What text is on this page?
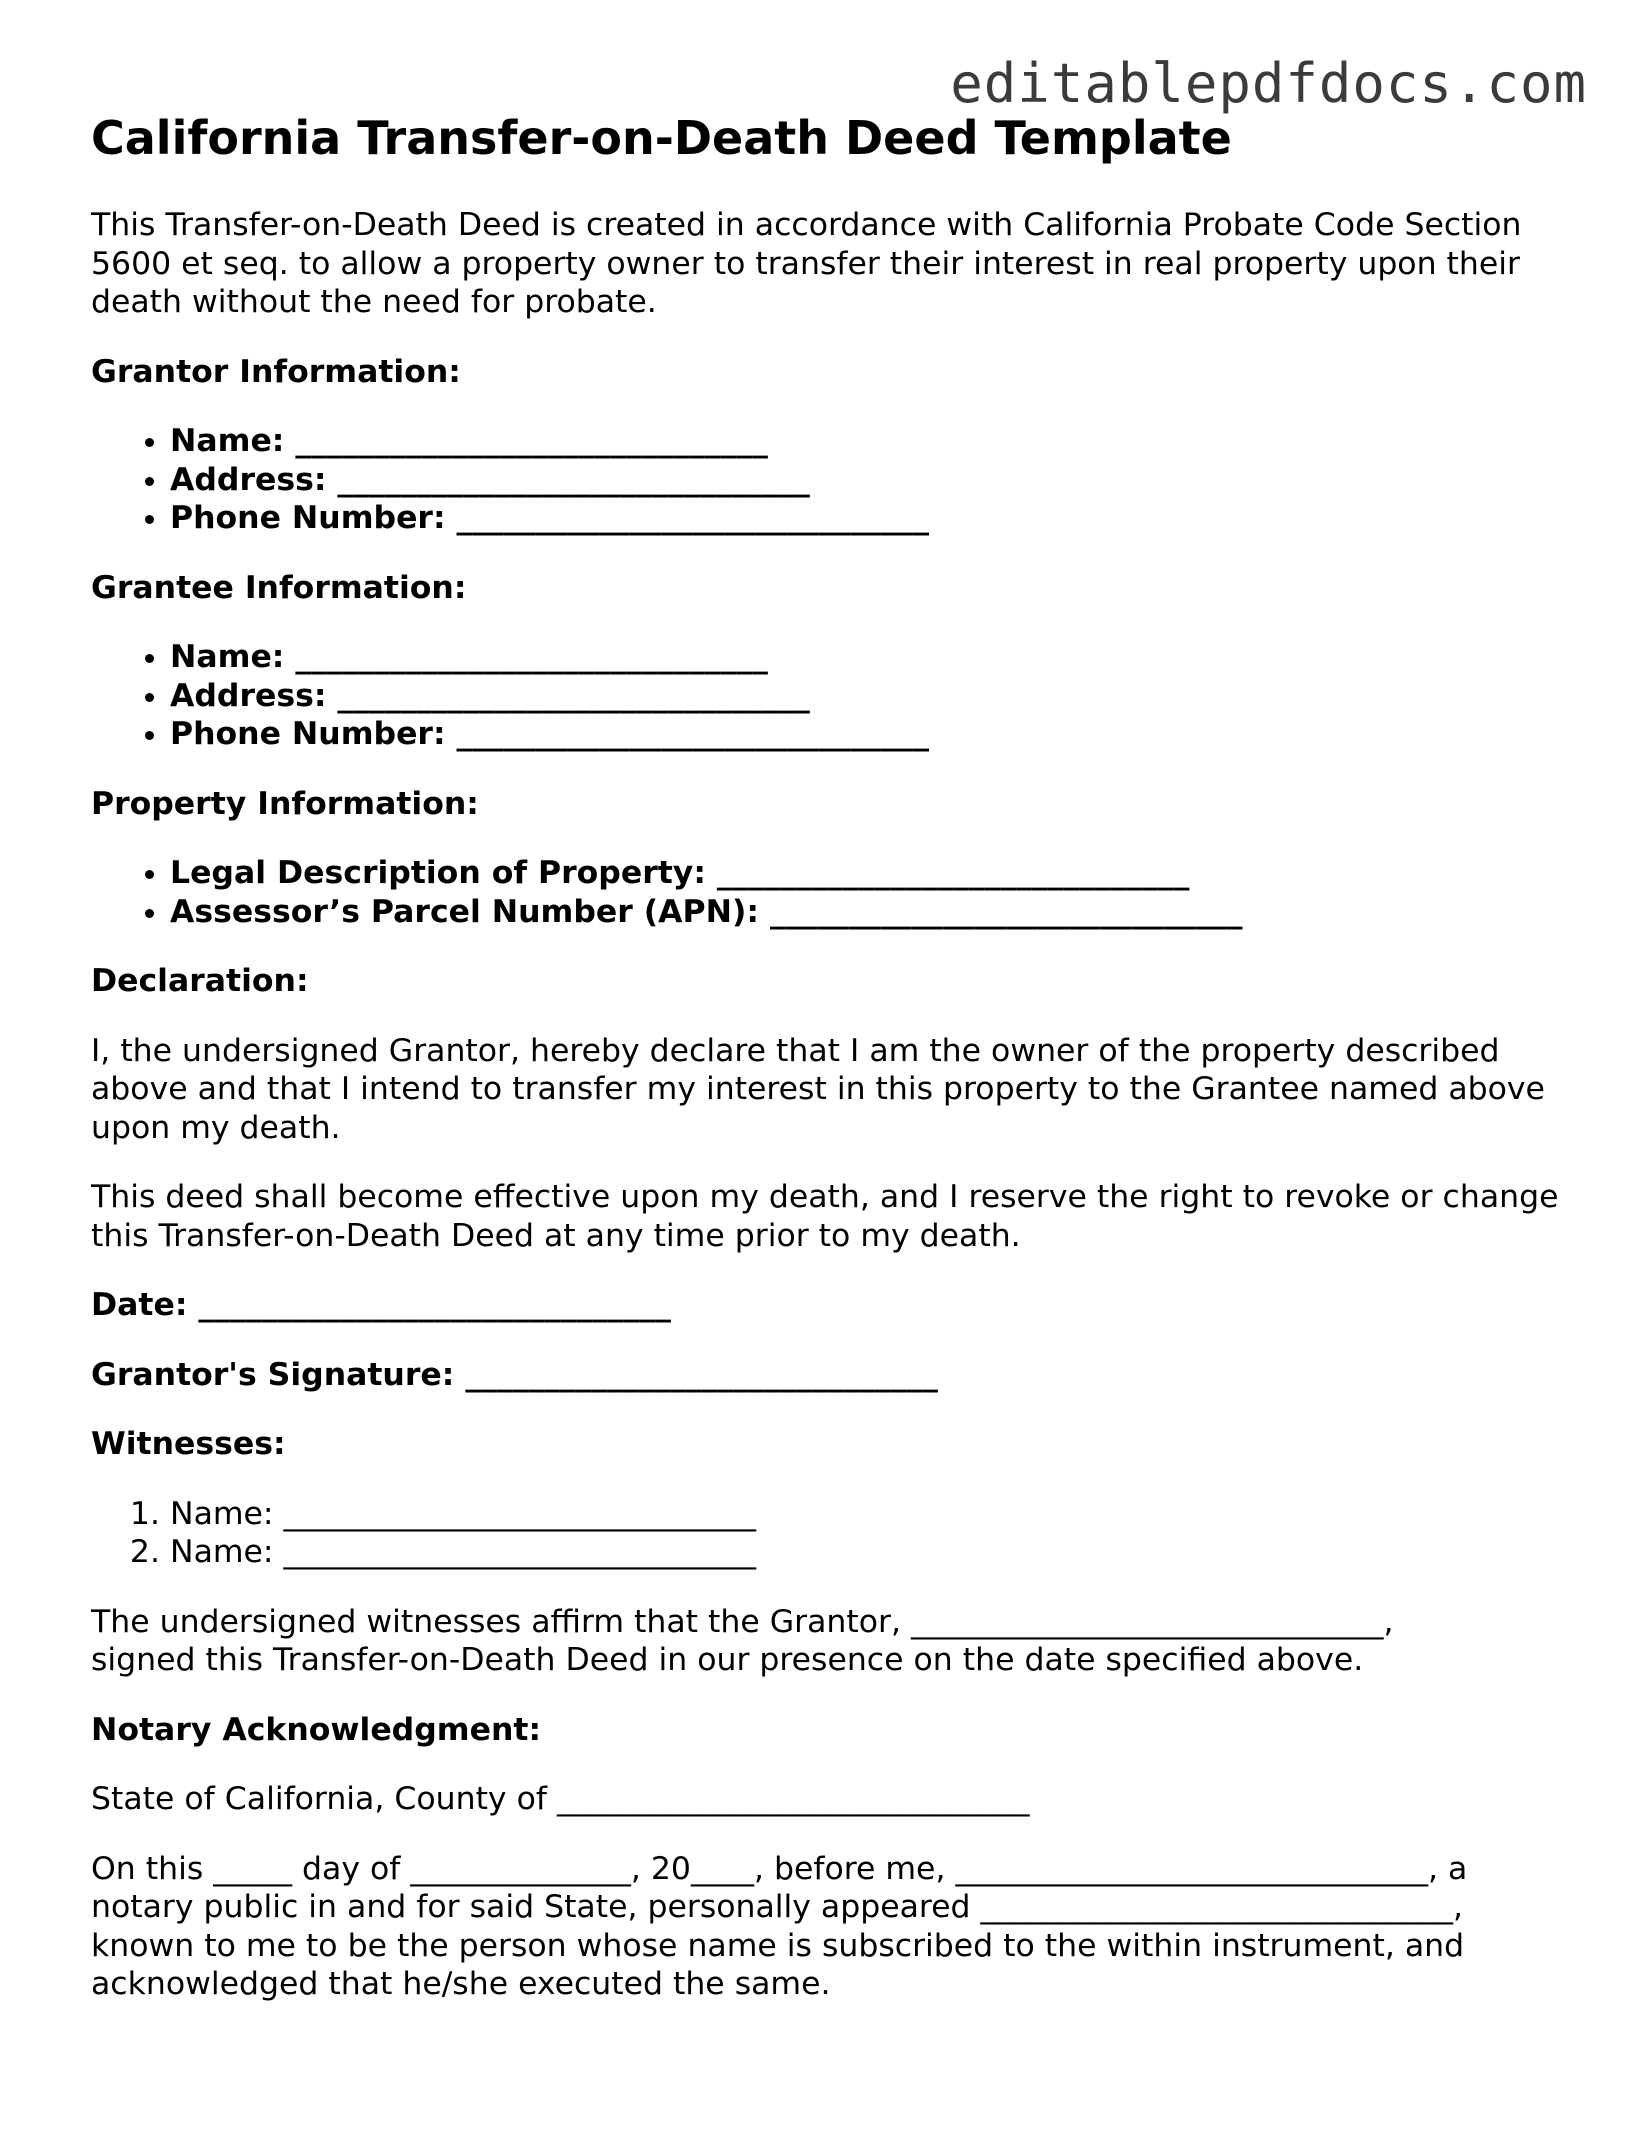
editablepdfdocs.com
California Transfer-on-Death Deed Template

This Transfer-on-Death Deed is created in accordance with California Probate Code Section 5600 et seq. to allow a property owner to transfer their interest in real property upon their death without the need for probate.

Grantor Information:
• Name: ______________________________
• Address: ______________________________
• Phone Number: ______________________________
Grantee Information:
• Name: ______________________________
• Address: ______________________________
• Phone Number: ______________________________
Property Information:
• Legal Description of Property: ______________________________
• Assessor’s Parcel Number (APN): ______________________________
Declaration:

I, the undersigned Grantor, hereby declare that I am the owner of the property described above and that I intend to transfer my interest in this property to the Grantee named above upon my death.

This deed shall become effective upon my death, and I reserve the right to revoke or change this Transfer-on-Death Deed at any time prior to my death.

Date: ______________________________
Grantor's Signature: ______________________________
Witnesses:
1. Name: ______________________________
2. Name: ______________________________

The undersigned witnesses affirm that the Grantor, ______________________________,
signed this Transfer-on-Death Deed in our presence on the date specified above.

Notary Acknowledgment:

State of California, County of ______________________________

On this _____ day of ______________, 20____, before me, ______________________________, a
notary public in and for said State, personally appeared ______________________________,
known to me to be the person whose name is subscribed to the within instrument, and
acknowledged that he/she executed the same.
